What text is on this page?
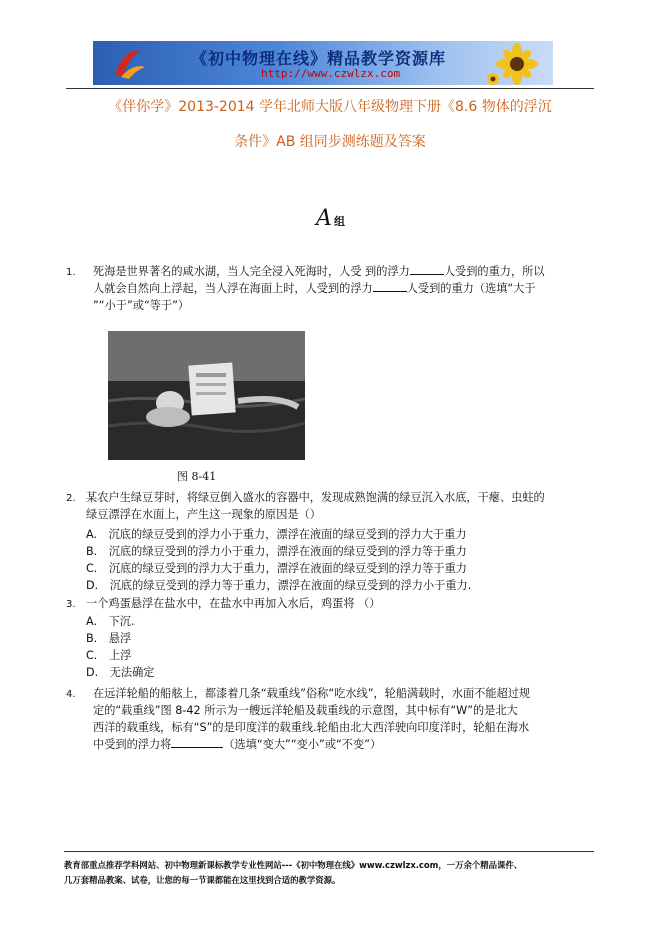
《初中物理在线》精品教学资源库
http://www.czwlzx.com
《伴你学》2013-2014 学年北师大版八年级物理下册《8.6 物体的浮沉
条件》AB 组同步测练题及答案
A组
1. 死海是世界著名的咸水湖，当人完全浸入死海时，人受 到的浮力	人受到的重力，所以
人就会自然向上浮起，当人浮在海面上时，人受到的浮力	人受到的重力（选填“大于
”“小于”或“等于”）
图 8-41
2. 某农户生绿豆芽时，将绿豆倒入盛水的容器中，发现成熟饱满的绿豆沉入水底，干瘪、虫蛀的
绿豆漂浮在水面上，产生这一现象的原因是（）
A. 沉底的绿豆受到的浮力小于重力，漂浮在液面的绿豆受到的浮力大于重力
B. 沉底的绿豆受到的浮力小于重力，漂浮在液面的绿豆受到的浮力等于重力
C. 沉底的绿豆受到的浮力大于重力，漂浮在液面的绿豆受到的浮力等于重力
D. 沉底的绿豆受到的浮力等于重力，漂浮在液面的绿豆受到的浮力小于重力.
3. 一个鸡蛋悬浮在盐水中，在盐水中再加入水后，鸡蛋将 （）
A. 下沉.
B. 悬浮
C. 上浮
D. 无法确定
4. 在远洋轮船的船舷上，都漆着几条“载重线”俗称“吃水线”，轮船满载时，水面不能超过规
定的“载重线”图 8-42 所示为一艘远洋轮船及载重线的示意图，其中标有“W”的是北大
西洋的载重线，标有“S”的是印度洋的载重线.轮船由北大西洋驶向印度洋时，轮船在海水
中受到的浮力将	（选填“变大”“变小”或“不变”）
教育部重点推荐学科网站、初中物理新课标教学专业性网站---《初中物理在线》www.czwlzx.com，一万余个精品课件、
几万套精品教案、试卷，让您的每一节课都能在这里找到合适的教学资源。
